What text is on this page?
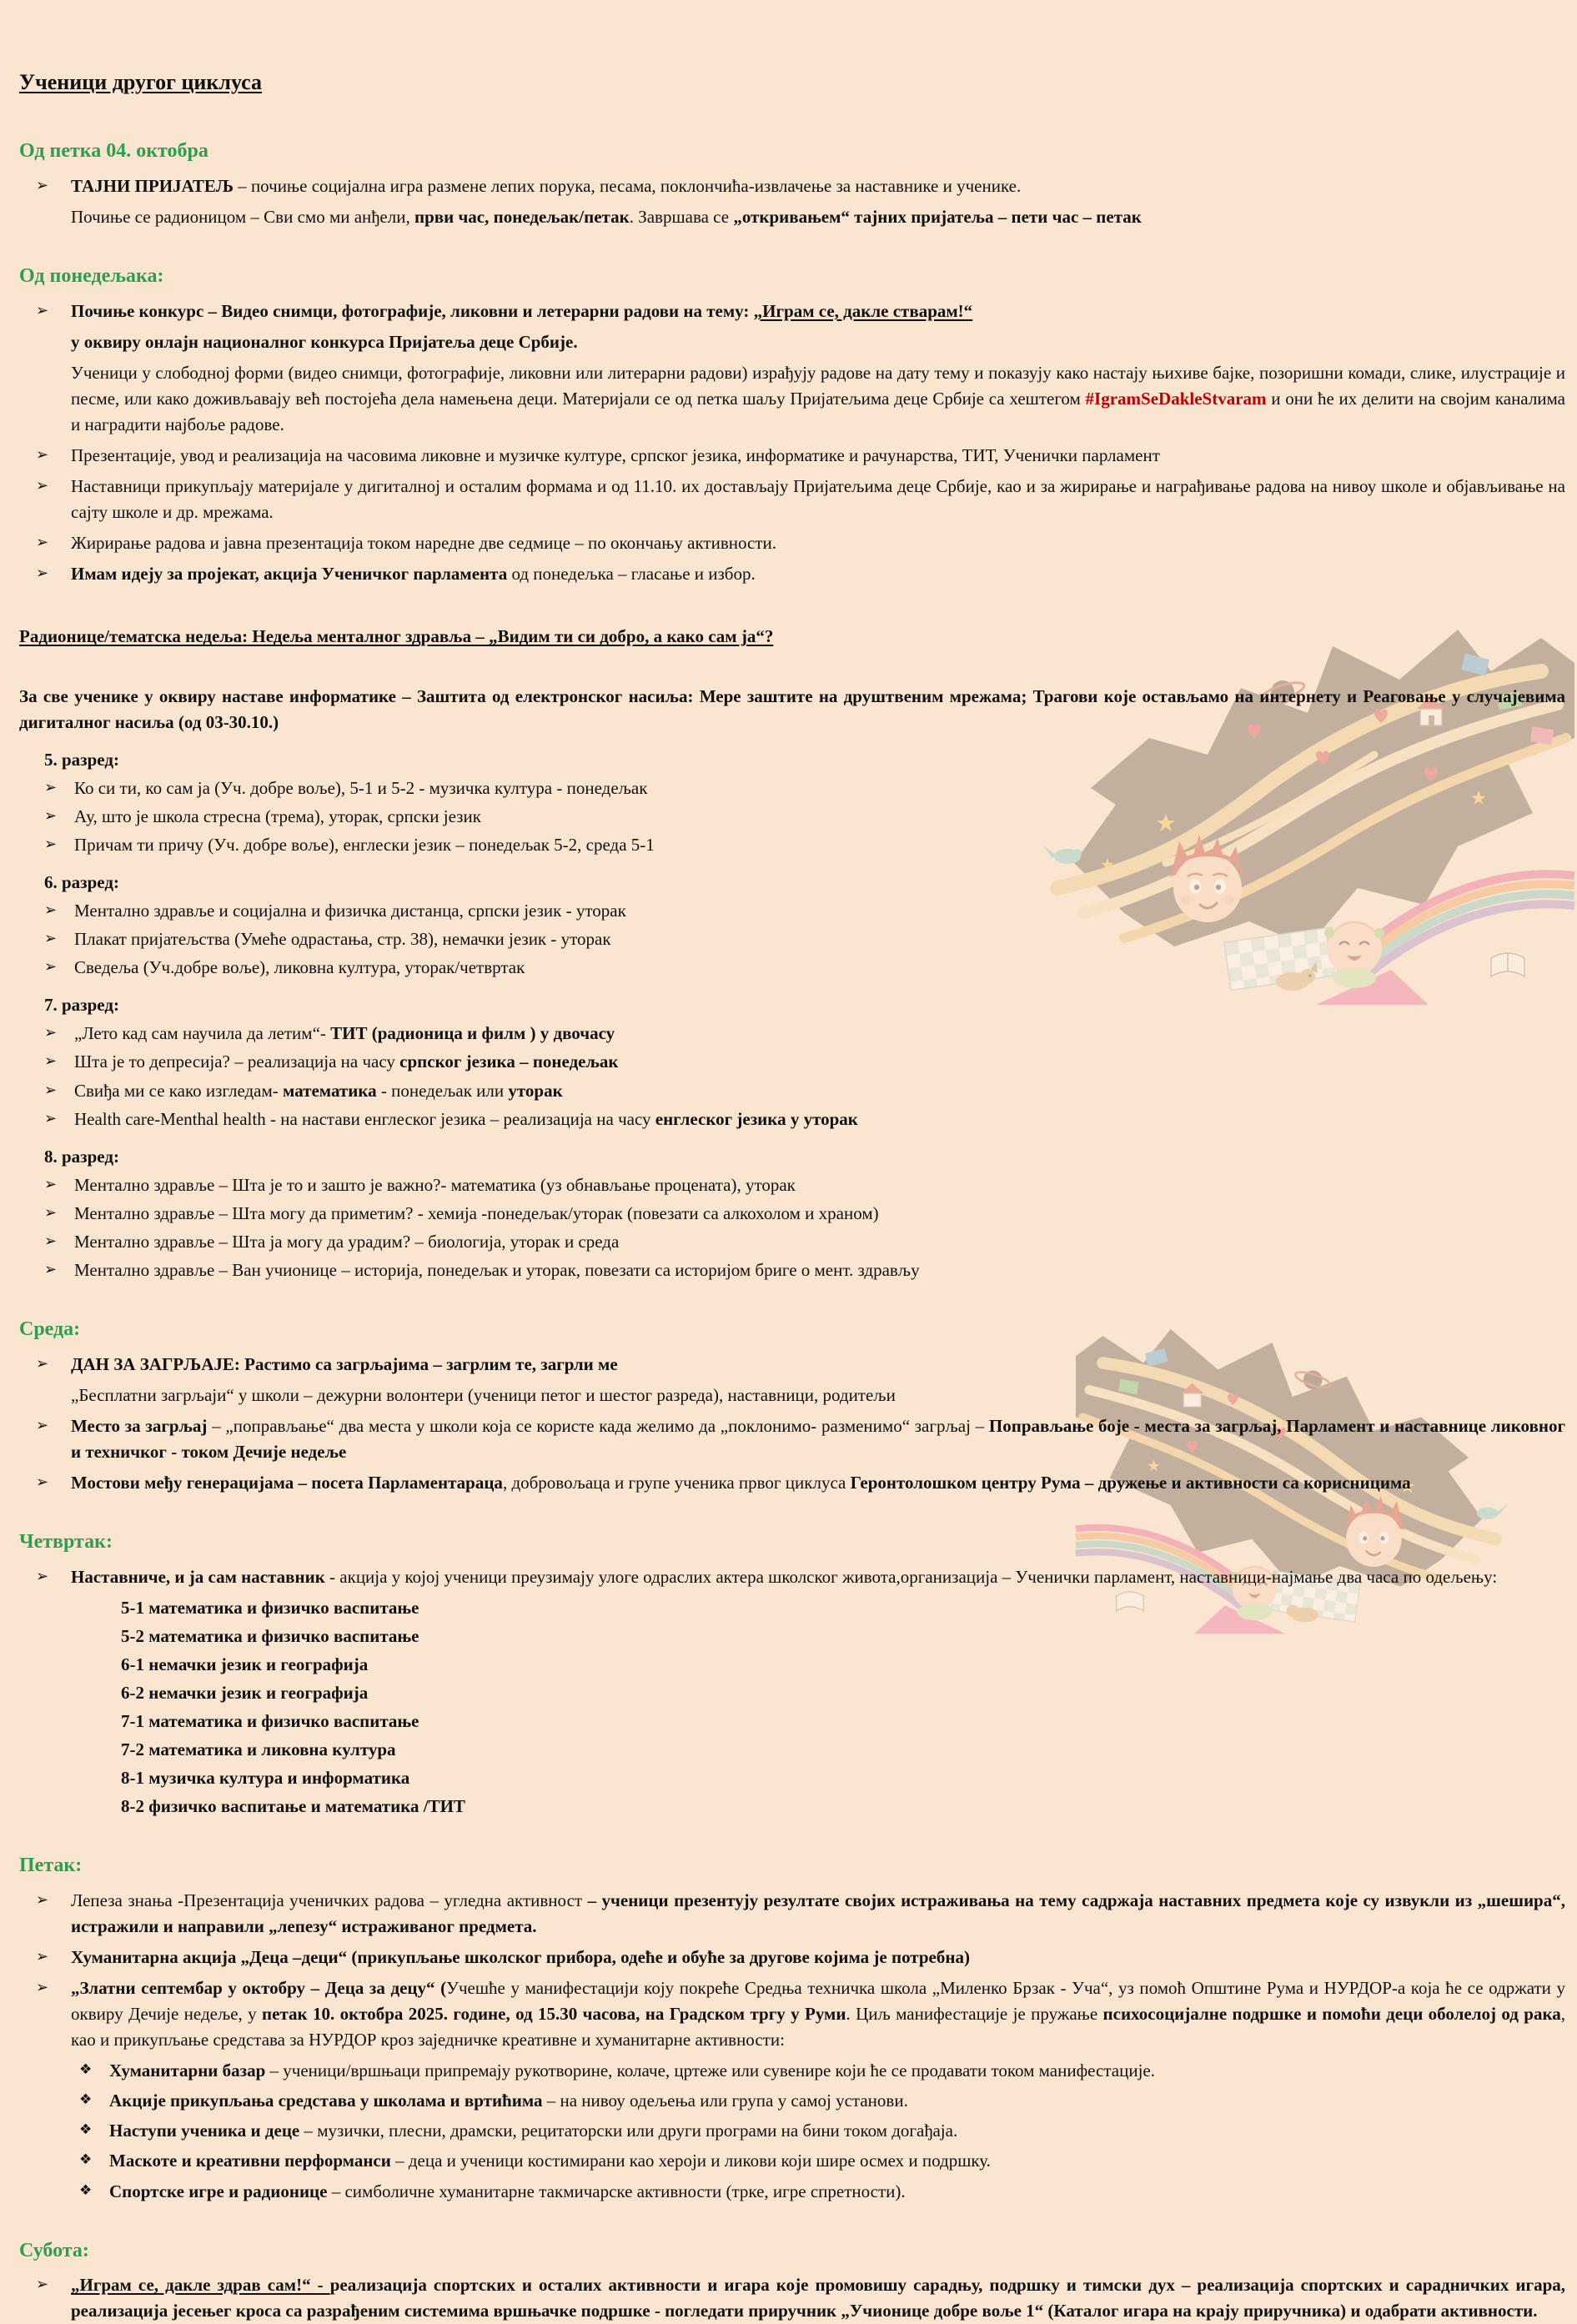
Ученици другог циклуса
Од петка 04. октобра
➢ ТАЈНИ ПРИЈАТЕЉ – почиње социјална игра размене лепих порука, песама, поклончића-извлачење за наставнике и ученике.
Почиње се радионицом – Сви смо ми анђели, први час, понедељак/петак. Завршава се „откривањем“ тајних пријатеља – пети час – петак
Од понедељака:
➢ Почиње конкурс – Видео снимци, фотографије, ликовни и летерарни радови на тему: „Играм се, дакле стварам!“
у оквиру онлајн националног конкурса Пријатеља деце Србије.
Ученици у слободној форми (видео снимци, фотографије, ликовни или литерарни радови) израђују радове на дату тему и показују како настају њихиве бајке, позоришни комади, слике, илустрације и песме, или како доживљавају већ постојећа дела намењена деци. Материјали се од петка шаљу Пријатељима деце Србије са хештегом #IgramSeDakleStvaram и они ће их делити на својим каналима и наградити најбоље радове.
➢ Презентације, увод и реализација на часовима ликовне и музичке културе, српског језика, информатике и рачунарства, ТИТ, Ученички парламент
➢ Наставници прикупљају материјале у дигиталној и осталим формама и од 11.10. их достављају Пријатељима деце Србије, као и за жирирање и награђивање радова на нивоу школе и објављивање на сајту школе и др. мрежама.
➢ Жирирање радова и јавна презентација током наредне две седмице – по окончању активности.
➢ Имам идеју за пројекат, акција Ученичког парламента од понедељка – гласање и избор.
Радионице/тематска недеља: Недеља менталног здравља – „Видим ти си добро, а како сам ја“?
За све ученике у оквиру наставе информатике – Заштита од електронског насиља: Мере заштите на друштвеним мрежама; Трагови које остављамо на интернету и Реаговање у случајевима дигиталног насиља (од 03-30.10.)
5. разред:
➢ Ко си ти, ко сам ја (Уч. добре воље), 5-1 и 5-2 - музичка култура - понедељак
➢ Ау, што је школа стресна (трема), уторак, српски језик
➢ Причам ти причу (Уч. добре воље), енглески језик – понедељак 5-2, среда 5-1
6. разред:
➢ Ментално здравље и социјална и физичка дистанца, српски језик - уторак
➢ Плакат пријатељства (Умеће одрастања, стр. 38), немачки језик - уторак
➢ Сведеља (Уч.добре воље), ликовна култура, уторак/четвртак
7. разред:
➢ „Лето кад сам научила да летим“- ТИТ (радионица и филм ) у двочасу
➢ Шта је то депресија? – реализација на часу српског језика – понедељак
➢ Свиђа ми се како изгледам- математика - понедељак или уторак
➢ Health care-Menthal health - на настави енглеског језика – реализација на часу енглеског језика у уторак
8. разред:
➢ Ментално здравље – Шта је то и зашто је важно?- математика (уз обнављање процената), уторак
➢ Ментално здравље – Шта могу да приметим? - хемија -понедељак/уторак (повезати са алкохолом и храном)
➢ Ментално здравље – Шта ја могу да урадим? – биологија, уторак и среда
➢ Ментално здравље – Ван учионице – историја, понедељак и уторак, повезати са историјом бриге о мент. здрављу
Среда:
➢ ДАН ЗА ЗАГРЉАЈЕ: Растимо са загрљајима – загрлим те, загрли ме
„Бесплатни загрљаји“ у школи – дежурни волонтери (ученици петог и шестог разреда), наставници, родитељи
➢ Место за загрљај – „поправљање“ два места у школи која се користе када желимо да „поклонимо- разменимо“ загрљај – Поправљање боје - места за загрљај, Парламент и наставнице ликовног и техничког - током Дечије недеље
➢ Мостови међу генерацијама – посета Парламентараца, добровољаца и групе ученика првог циклуса Геронтолошком центру Рума – дружење и активности са корисницима
Четвртак:
➢ Наставниче, и ја сам наставник - акција у којој ученици преузимају улоге одраслих актера школског живота,организација – Ученички парламент, наставници-најмање два часа по одељењу:
5-1 математика и физичко васпитање
5-2 математика и физичко васпитање
6-1 немачки језик и географија
6-2 немачки језик и географија
7-1 математика и физичко васпитање
7-2 математика и ликовна култура
8-1 музичка култура и информатика
8-2 физичко васпитање и математика /ТИТ
Петак:
➢ Лепеза знања -Презентација ученичких радова – угледна активност – ученици презентују резултате својих истраживања на тему садржаја наставних предмета које су извукли из „шешира“, истражили и направили „лепезу“ истраживаног предмета.
➢ Хуманитарна акција „Деца –деци“ (прикупљање школског прибора, одеће и обуће за другове којима је потребна)
➢ „Златни септембар у октобру – Деца за децу“ (Учешће у манифестацији коју покреће Средња техничка школа „Миленко Брзак - Уча“, уз помоћ Општине Рума и НУРДОР-а која ће се одржати у оквиру Дечије недеље, у петак 10. октобра 2025. године, од 15.30 часова, на Градском тргу у Руми. Циљ манифестације је пружање психосоцијалне подршке и помоћи деци оболелој од рака, као и прикупљање средстава за НУРДОР кроз заједничке креативне и хуманитарне активности:
❖ Хуманитарни базар – ученици/вршњаци припремају рукотворине, колаче, цртеже или сувенире који ће се продавати током манифестације.
❖ Акције прикупљања средстава у школама и вртићима – на нивоу одељења или група у самој установи.
❖ Наступи ученика и деце – музички, плесни, драмски, рецитаторски или други програми на бини током догађаја.
❖ Маскоте и креативни перформанси – деца и ученици костимирани као хероји и ликови који шире осмех и подршку.
❖ Спортске игре и радионице – симболичне хуманитарне такмичарске активности (трке, игре спретности).
Субота:
➢ „Играм се, дакле здрав сам!“ - реализација спортских и осталих активности и игара које промовишу сарадњу, подршку и тимски дух – реализација спортских и сарадничких игара, реализација јесењег кроса са разрађеним системима вршњачке подршке - погледати приручник „Учионице добре воље 1“ (Каталог игара на крају приручника) и одабрати активности.
